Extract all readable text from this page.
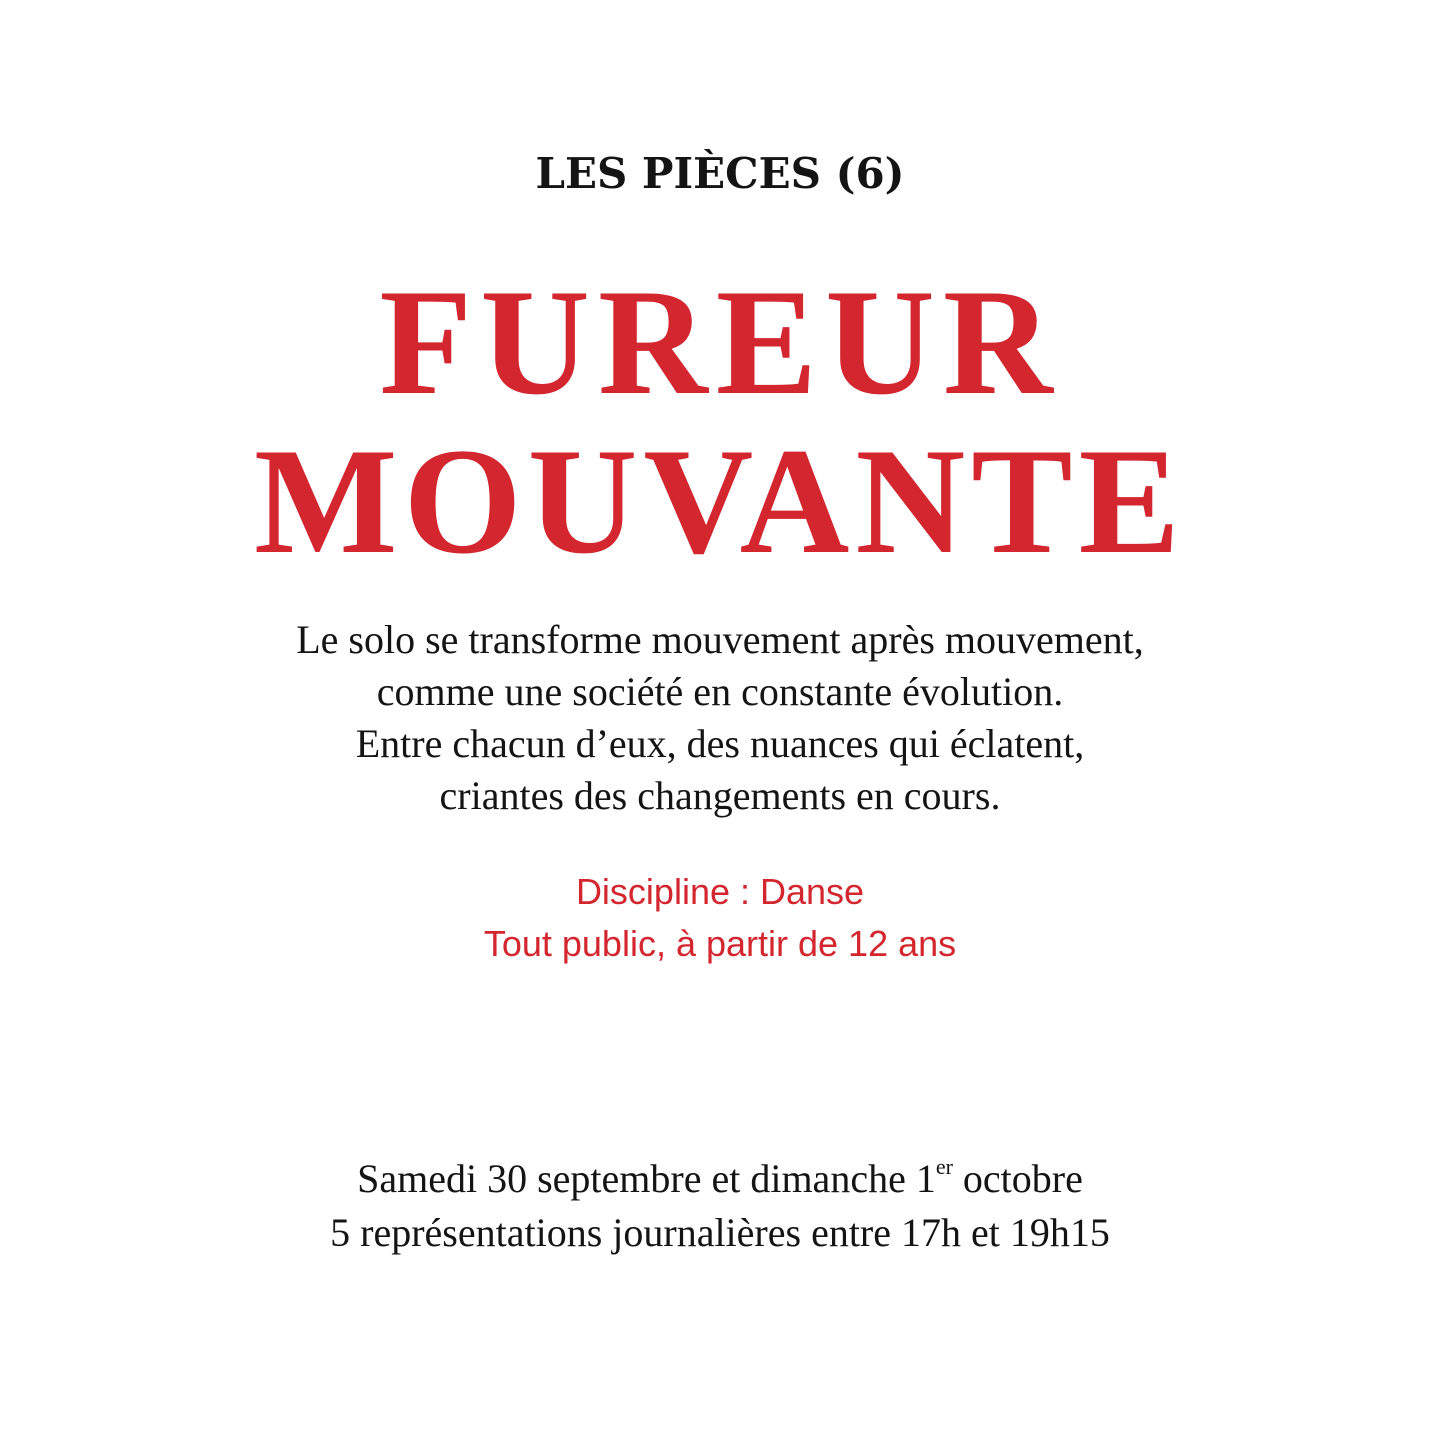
LES PIÈCES (6)
FUREUR
MOUVANTE
Le solo se transforme mouvement après mouvement,
comme une société en constante évolution.
Entre chacun d’eux, des nuances qui éclatent,
criantes des changements en cours.
Discipline : Danse
Tout public, à partir de 12 ans
Samedi 30 septembre et dimanche 1er octobre
5 représentations journalières entre 17h et 19h15
